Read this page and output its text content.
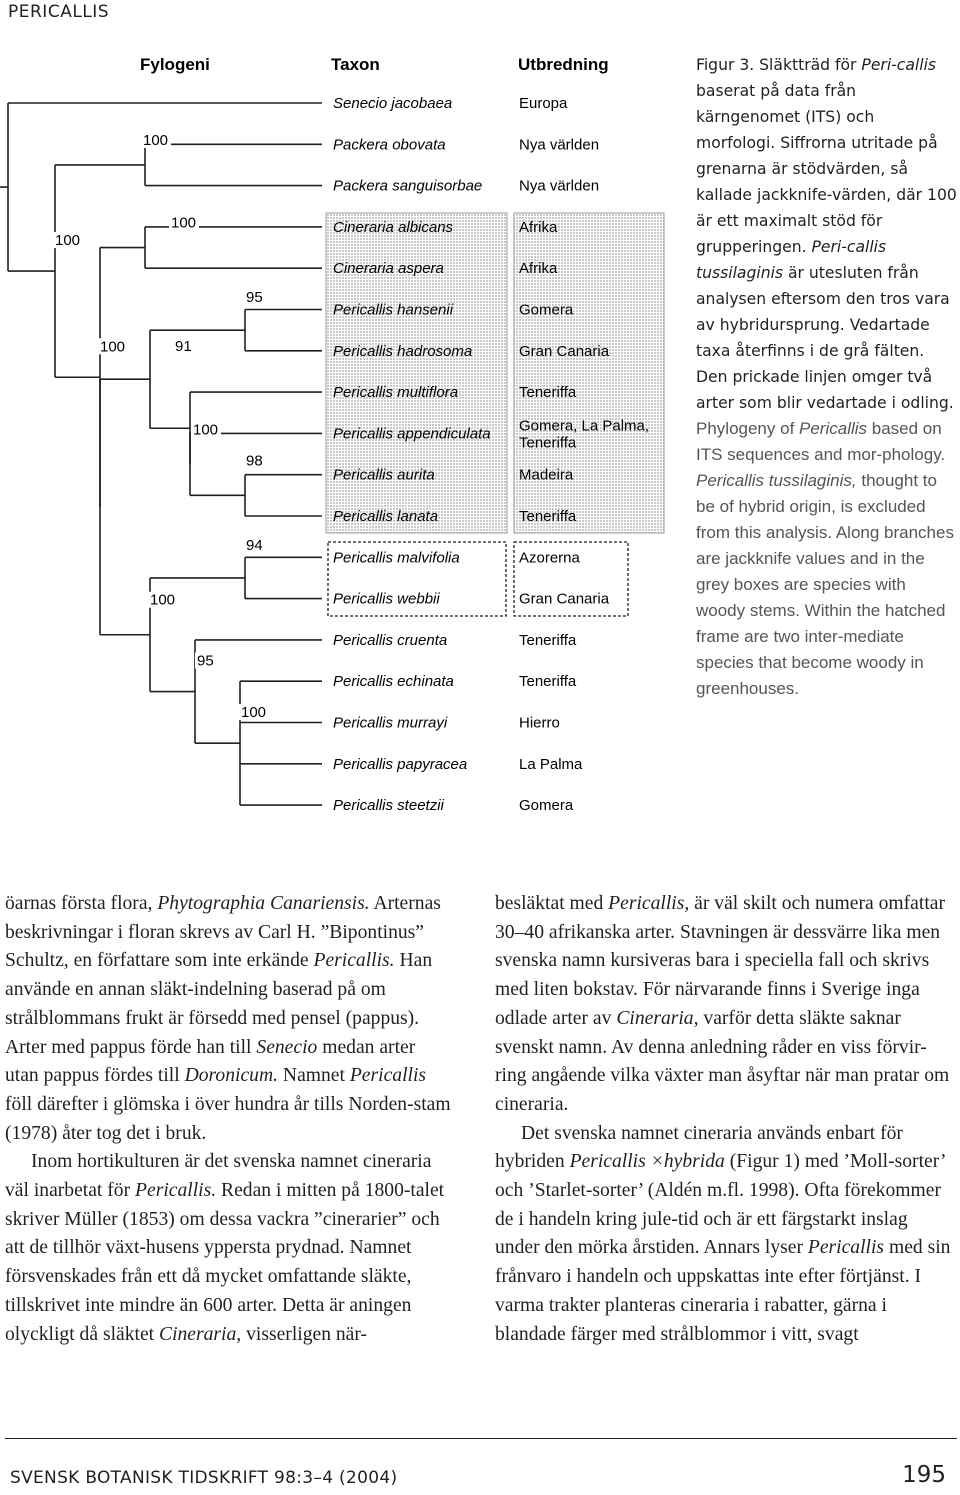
PERICALLIS
Fylogeni	Taxon	Utbredning
Senecio jacobaea	Europa
Packera obovata	Nya världen
Packera sanguisorbae Nya världen
Cineraria albicans	Afrika
Cineraria aspera	Afrika
Pericallis hansenii	Gomera
Pericallis hadrosoma	Gran Canaria
Pericallis multiflora	Teneriffa
Pericallis appendiculata Gomera, La Palma,
Teneriffa
Pericallis aurita	Madeira
Pericallis lanata	Teneriffa
Pericallis malvifolia	Azorerna
Pericallis webbii	Gran Canaria
Pericallis cruenta	Teneriffa
Pericallis echinata	Teneriffa
Pericallis murrayi	Hierro
Pericallis papyracea	La Palma
Pericallis steetzii	Gomera
100
100
100
100	91
95
100
98
100
94
95
100

Figur 3. Släktträd för Peri-callis baserat på data från kärngenomet (ITS) och morfologi. Siffrorna utritade på grenarna är stödvärden, så kallade jackknife-värden, där 100 är ett maximalt stöd för grupperingen. Peri-callis tussilaginis är utesluten från analysen eftersom den tros vara av hybridursprung. Vedartade taxa återfinns i de grå fälten. Den prickade linjen omger två arter som blir vedartade i odling.

Phylogeny of Pericallis based on ITS sequences and mor-phology. Pericallis tussilaginis, thought to be of hybrid origin, is excluded from this analysis. Along branches are jackknife values and in the grey boxes are species with woody stems. Within the hatched frame are two inter-mediate species that become woody in greenhouses.

öarnas första flora, Phytographia Canariensis. Arternas beskrivningar i floran skrevs av Carl H. ”Bipontinus” Schultz, en författare som inte erkände Pericallis. Han använde en annan släkt-indelning baserad på om strålblommans frukt är försedd med pensel (pappus). Arter med pappus förde han till Senecio medan arter utan pappus fördes till Doronicum. Namnet Pericallis föll därefter i glömska i över hundra år tills Norden-stam (1978) åter tog det i bruk.

Inom hortikulturen är det svenska namnet cineraria väl inarbetat för Pericallis. Redan i mitten på 1800-talet skriver Müller (1853) om dessa vackra ”cinerarier” och att de tillhör växt-husens yppersta prydnad. Namnet försvenskades från ett då mycket omfattande släkte, tillskrivet inte mindre än 600 arter. Detta är aningen olyckligt då släktet Cineraria, visserligen när-

besläktat med Pericallis, är väl skilt och numera omfattar 30–40 afrikanska arter. Stavningen är dessvärre lika men svenska namn kursiveras bara i speciella fall och skrivs med liten bokstav. För närvarande finns i Sverige inga odlade arter av Cineraria, varför detta släkte saknar svenskt namn. Av denna anledning råder en viss förvir-ring angående vilka växter man åsyftar när man pratar om cineraria.

Det svenska namnet cineraria används enbart för hybriden Pericallis ×hybrida (Figur 1) med ’Moll-sorter’ och ’Starlet-sorter’ (Aldén m.fl. 1998). Ofta förekommer de i handeln kring jule-tid och är ett färgstarkt inslag under den mörka årstiden. Annars lyser Pericallis med sin frånvaro i handeln och uppskattas inte efter förtjänst. I varma trakter planteras cineraria i rabatter, gärna i blandade färger med strålblommor i vitt, svagt

SVENSK BOTANISK TIDSKRIFT 98:3–4 (2004)	195
